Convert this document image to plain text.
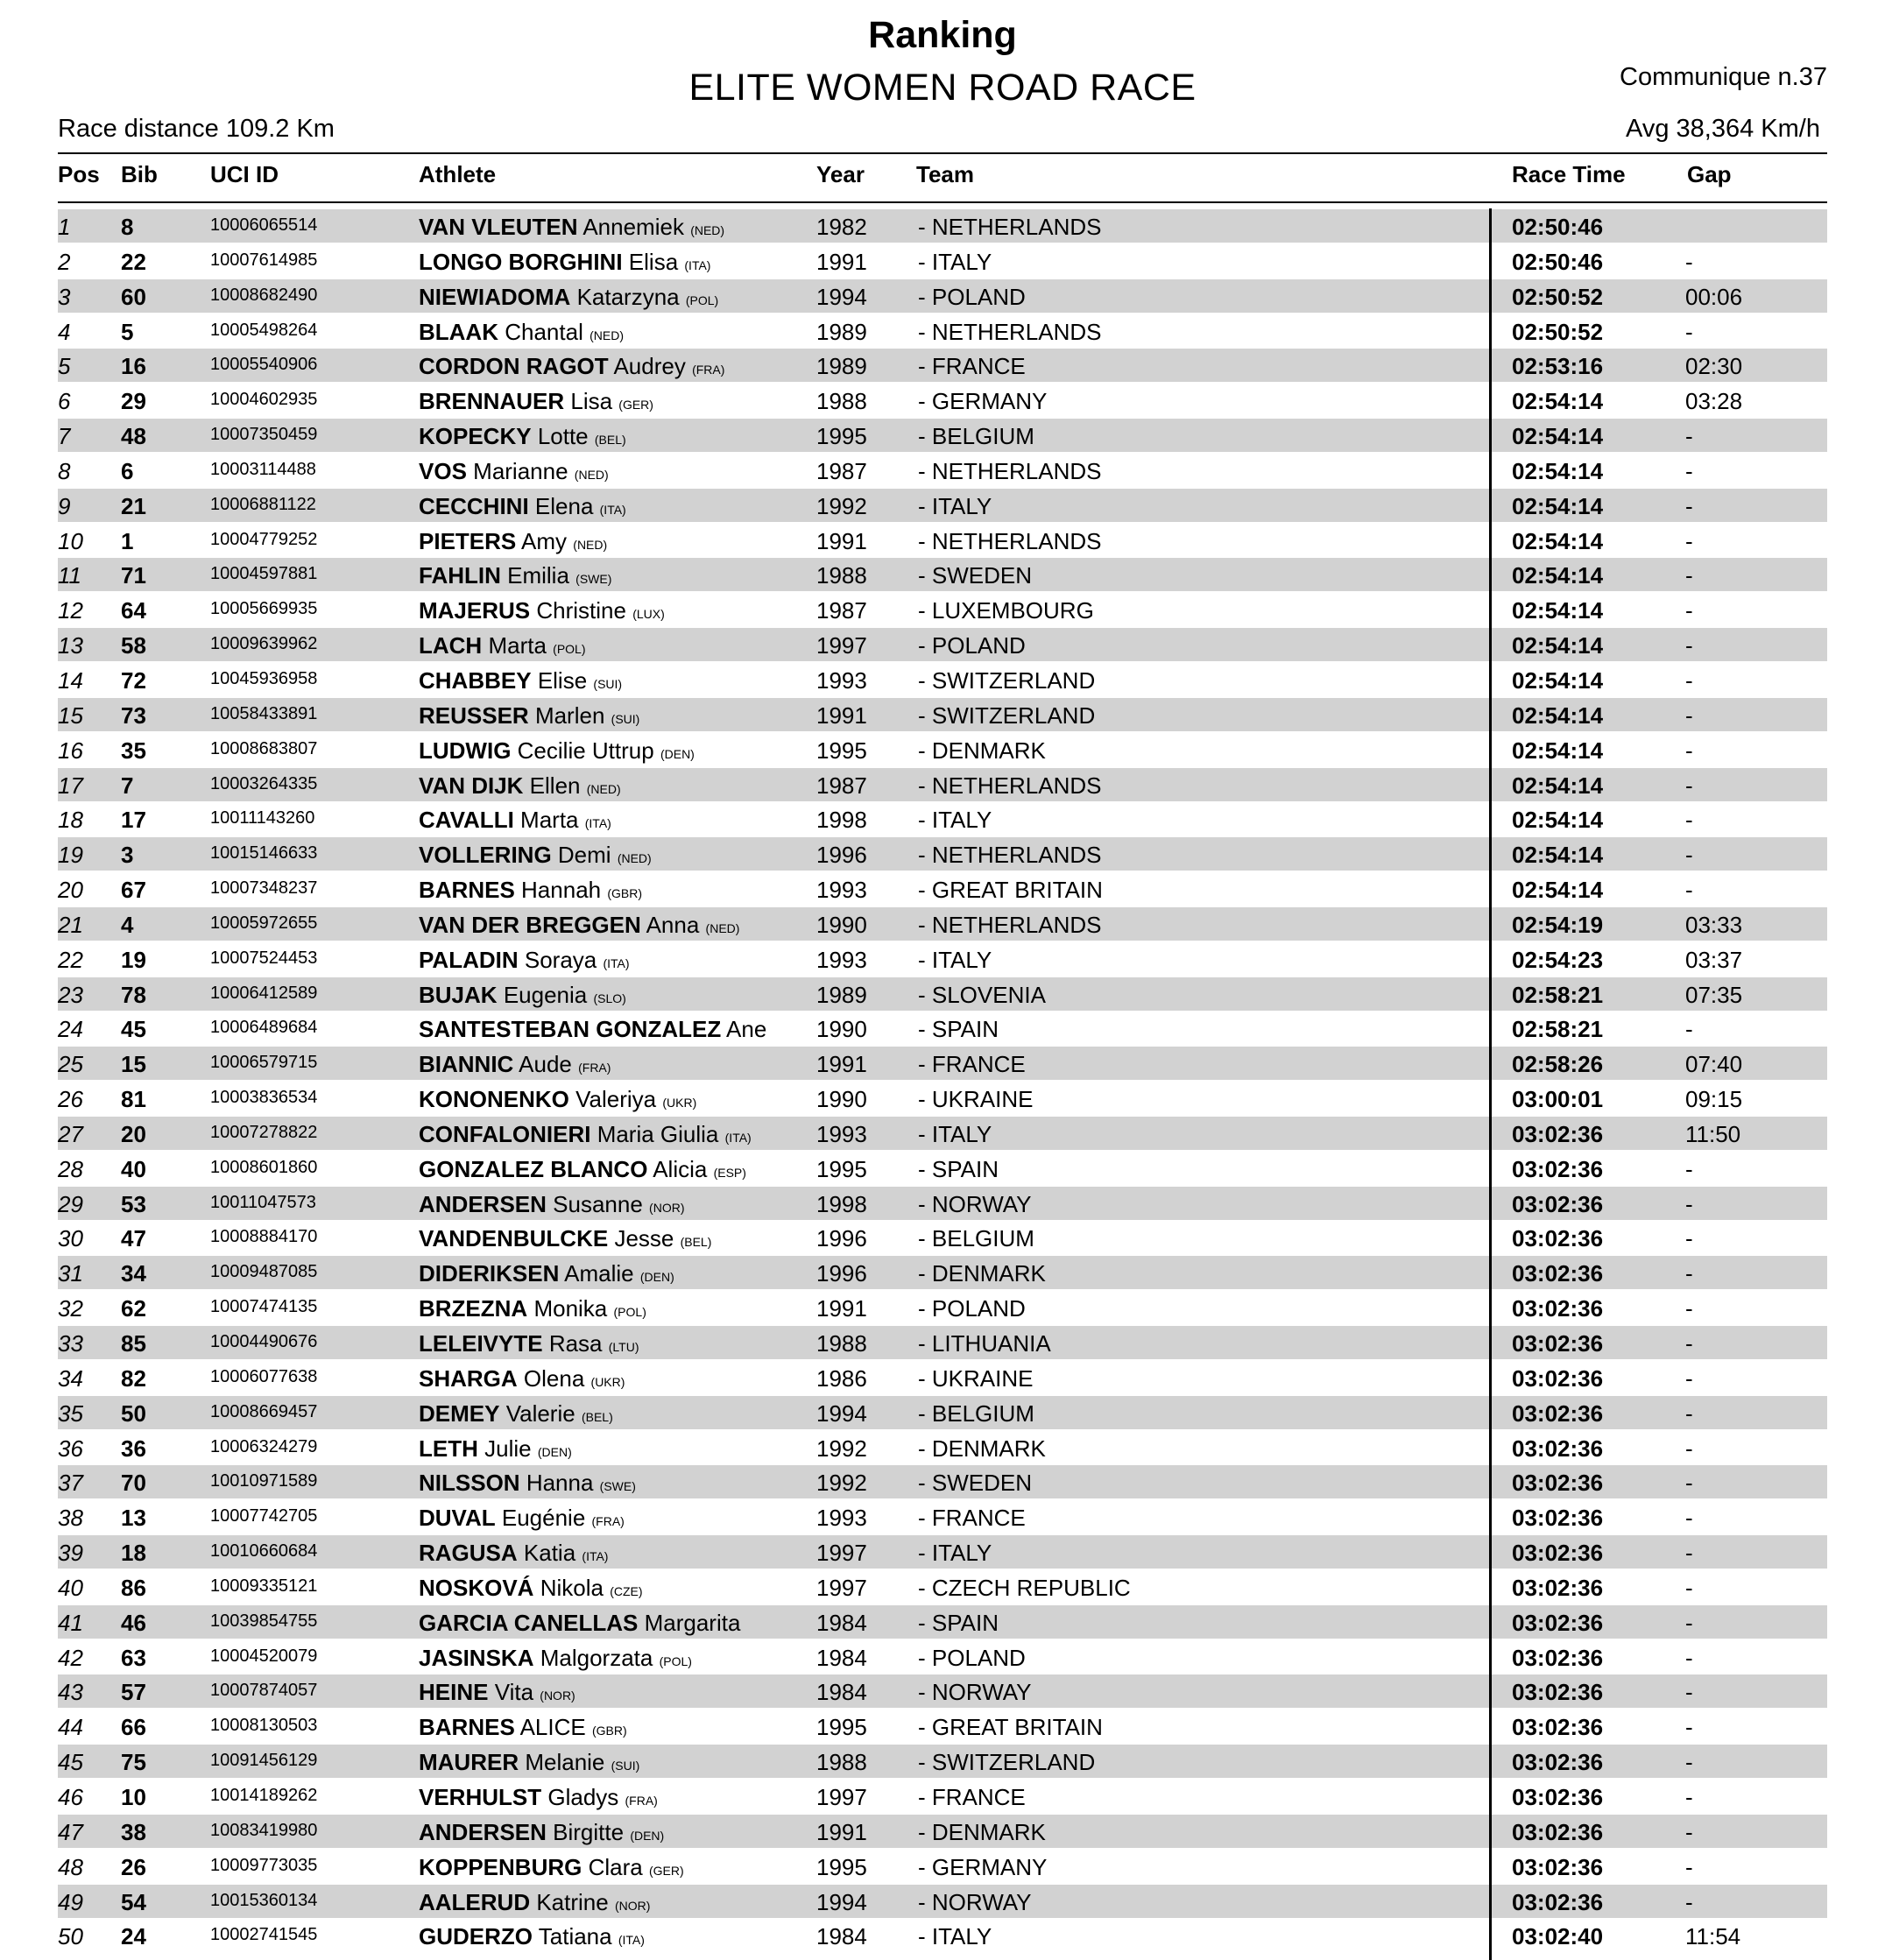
Ranking
ELITE WOMEN ROAD RACE	Communique n.37
Race distance 109.2 Km	Avg 38,364 Km/h
Pos Bib UCI ID	Athlete	Year Team	Race Time	Gap
1 8	10006065514	VAN VLEUTEN Annemiek (NED)	1982 - NETHERLANDS	02:50:46
2 22	10007614985	LONGO BORGHINI Elisa (ITA)	1991 - ITALY	02:50:46	-
3 60	10008682490	NIEWIADOMA Katarzyna (POL)	1994 - POLAND	02:50:52	00:06
4 5	10005498264	BLAAK Chantal (NED)	1989 - NETHERLANDS	02:50:52	-
5 16	10005540906	CORDON RAGOT Audrey (FRA)	1989 - FRANCE	02:53:16	02:30
6 29	10004602935	BRENNAUER Lisa (GER)	1988 - GERMANY	02:54:14	03:28
7 48	10007350459	KOPECKY Lotte (BEL)	1995 - BELGIUM	02:54:14	-
8 6	10003114488	VOS Marianne (NED)	1987 - NETHERLANDS	02:54:14	-
9 21	10006881122	CECCHINI Elena (ITA)	1992 - ITALY	02:54:14	-
10 1	10004779252	PIETERS Amy (NED)	1991 - NETHERLANDS	02:54:14	-
11 71	10004597881	FAHLIN Emilia (SWE)	1988 - SWEDEN	02:54:14	-
12 64	10005669935	MAJERUS Christine (LUX)	1987 - LUXEMBOURG	02:54:14	-
13 58	10009639962	LACH Marta (POL)	1997 - POLAND	02:54:14	-
14 72	10045936958	CHABBEY Elise (SUI)	1993 - SWITZERLAND	02:54:14	-
15 73	10058433891	REUSSER Marlen (SUI)	1991 - SWITZERLAND	02:54:14	-
16 35	10008683807	LUDWIG Cecilie Uttrup (DEN)	1995 - DENMARK	02:54:14	-
17 7	10003264335	VAN DIJK Ellen (NED)	1987 - NETHERLANDS	02:54:14	-
18 17	10011143260	CAVALLI Marta (ITA)	1998 - ITALY	02:54:14	-
19 3	10015146633	VOLLERING Demi (NED)	1996 - NETHERLANDS	02:54:14	-
20 67	10007348237	BARNES Hannah (GBR)	1993 - GREAT BRITAIN	02:54:14	-
21 4	10005972655	VAN DER BREGGEN Anna (NED)	1990 - NETHERLANDS	02:54:19	03:33
22 19	10007524453	PALADIN Soraya (ITA)	1993 - ITALY	02:54:23	03:37
23 78	10006412589	BUJAK Eugenia (SLO)	1989 - SLOVENIA	02:58:21	07:35
24 45	10006489684	SANTESTEBAN GONZALEZ Ane 1990 - SPAIN	02:58:21	-
25 15	10006579715	BIANNIC Aude (FRA)	1991 - FRANCE	02:58:26	07:40
26 81	10003836534	KONONENKO Valeriya (UKR)	1990 - UKRAINE	03:00:01	09:15
27 20	10007278822	CONFALONIERI Maria Giulia (ITA)	1993 - ITALY	03:02:36	11:50
28 40	10008601860	GONZALEZ BLANCO Alicia (ESP)	1995 - SPAIN	03:02:36	-
29 53	10011047573	ANDERSEN Susanne (NOR)	1998 - NORWAY	03:02:36	-
30 47	10008884170	VANDENBULCKE Jesse (BEL)	1996 - BELGIUM	03:02:36	-
31 34	10009487085	DIDERIKSEN Amalie (DEN)	1996 - DENMARK	03:02:36	-
32 62	10007474135	BRZEZNA Monika (POL)	1991 - POLAND	03:02:36	-
33 85	10004490676	LELEIVYTE Rasa (LTU)	1988 - LITHUANIA	03:02:36	-
34 82	10006077638	SHARGA Olena (UKR)	1986 - UKRAINE	03:02:36	-
35 50	10008669457	DEMEY Valerie (BEL)	1994 - BELGIUM	03:02:36	-
36 36	10006324279	LETH Julie (DEN)	1992 - DENMARK	03:02:36	-
37 70	10010971589	NILSSON Hanna (SWE)	1992 - SWEDEN	03:02:36	-
38 13	10007742705	DUVAL Eugénie (FRA)	1993 - FRANCE	03:02:36	-
39 18	10010660684	RAGUSA Katia (ITA)	1997 - ITALY	03:02:36	-
40 86	10009335121	NOSKOVÁ Nikola (CZE)	1997 - CZECH REPUBLIC	03:02:36	-
41 46	10039854755	GARCIA CANELLAS Margarita	1984 - SPAIN	03:02:36	-
42 63	10004520079	JASINSKA Malgorzata (POL)	1984 - POLAND	03:02:36	-
43 57	10007874057	HEINE Vita (NOR)	1984 - NORWAY	03:02:36	-
44 66	10008130503	BARNES ALICE (GBR)	1995 - GREAT BRITAIN	03:02:36	-
45 75	10091456129	MAURER Melanie (SUI)	1988 - SWITZERLAND	03:02:36	-
46 10	10014189262	VERHULST Gladys (FRA)	1997 - FRANCE	03:02:36	-
47 38	10083419980	ANDERSEN Birgitte (DEN)	1991 - DENMARK	03:02:36	-
48 26	10009773035	KOPPENBURG Clara (GER)	1995 - GERMANY	03:02:36	-
49 54	10015360134	AALERUD Katrine (NOR)	1994 - NORWAY	03:02:36	-
50 24	10002741545	GUDERZO Tatiana (ITA)	1984 - ITALY	03:02:40	11:54
